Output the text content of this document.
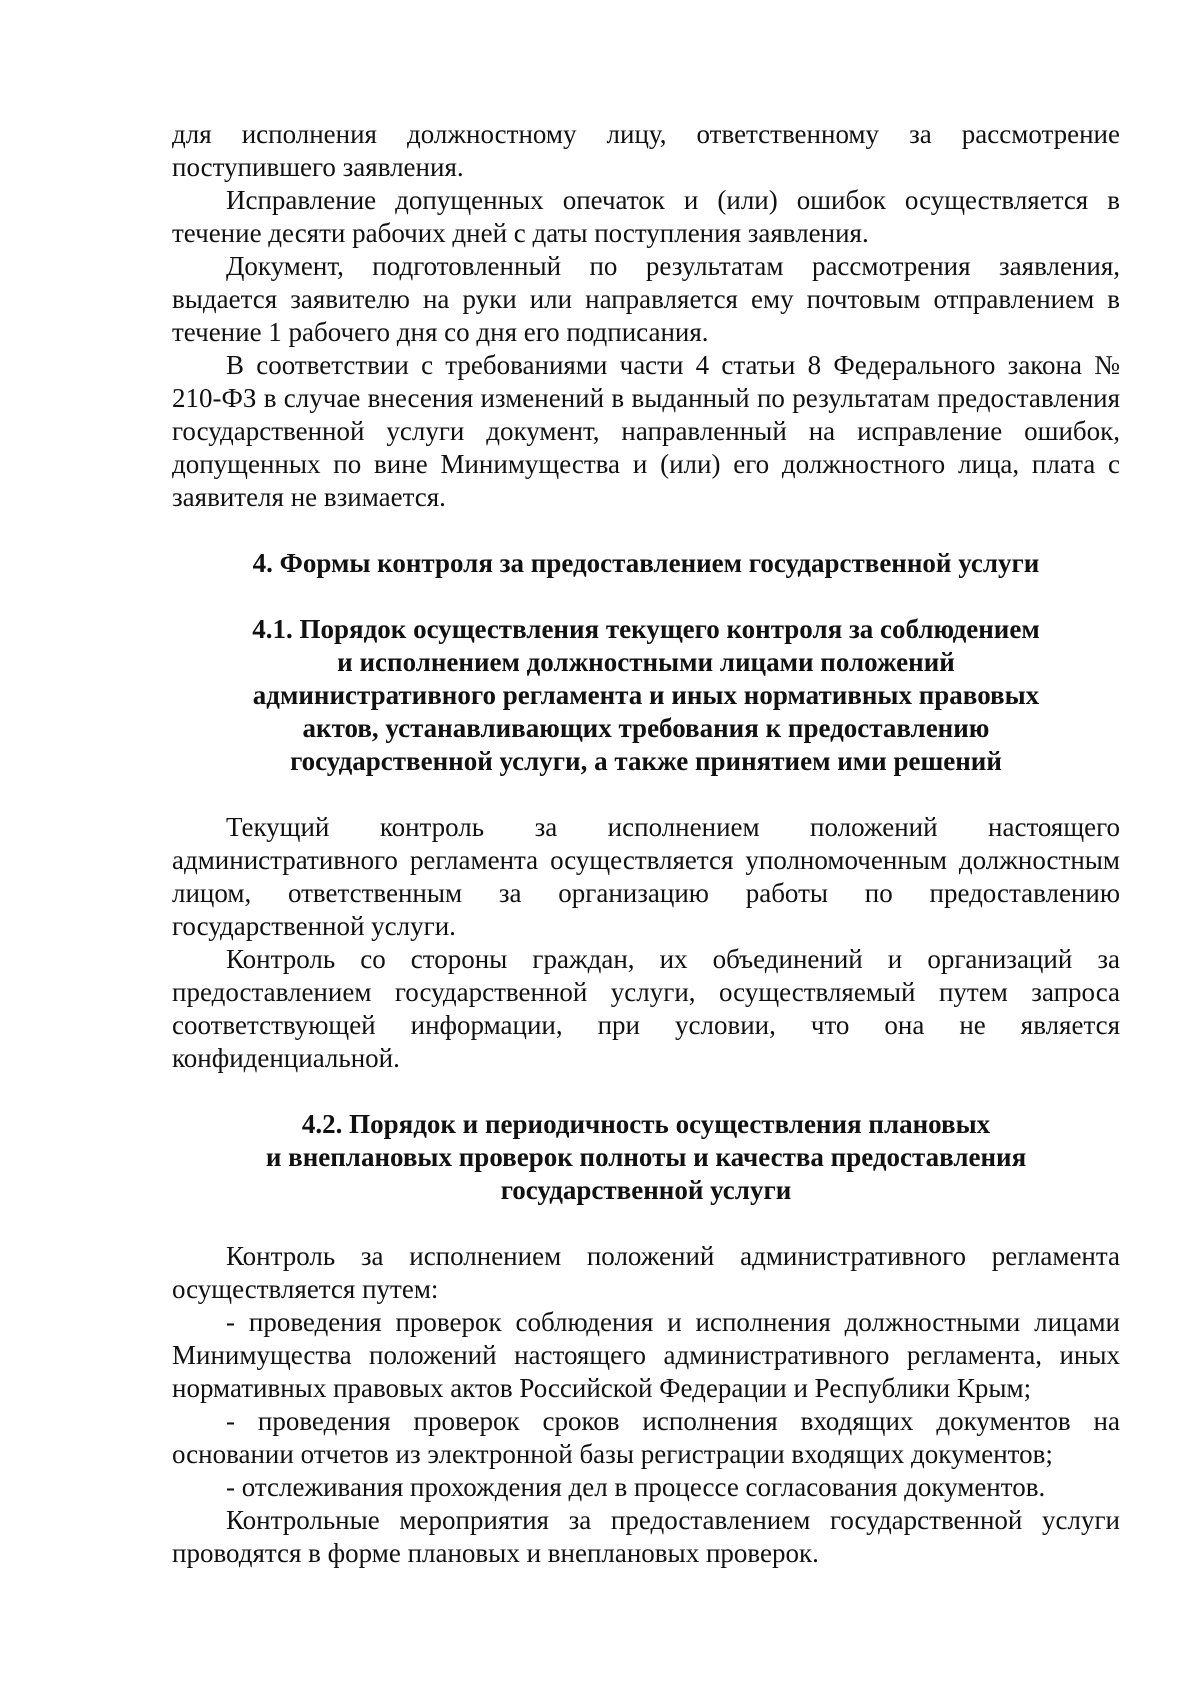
для исполнения должностному лицу, ответственному за рассмотрение поступившего заявления.

Исправление допущенных опечаток и (или) ошибок осуществляется в течение десяти рабочих дней с даты поступления заявления.

Документ, подготовленный по результатам рассмотрения заявления, выдается заявителю на руки или направляется ему почтовым отправлением в течение 1 рабочего дня со дня его подписания.

В соответствии с требованиями части 4 статьи 8 Федерального закона № 210-ФЗ в случае внесения изменений в выданный по результатам предоставления государственной услуги документ, направленный на исправление ошибок, допущенных по вине Минимущества и (или) его должностного лица, плата с заявителя не взимается.

4. Формы контроля за предоставлением государственной услуги
4.1. Порядок осуществления текущего контроля за соблюдением
и исполнением должностными лицами положений
административного регламента и иных нормативных правовых
актов, устанавливающих требования к предоставлению
государственной услуги, а также принятием ими решений

Текущий контроль за исполнением положений настоящего административного регламента осуществляется уполномоченным должностным лицом, ответственным за организацию работы по предоставлению государственной услуги.

Контроль со стороны граждан, их объединений и организаций за предоставлением государственной услуги, осуществляемый путем запроса соответствующей информации, при условии, что она не является конфиденциальной.

4.2. Порядок и периодичность осуществления плановых
и внеплановых проверок полноты и качества предоставления
государственной услуги

Контроль за исполнением положений административного регламента осуществляется путем:

- проведения проверок соблюдения и исполнения должностными лицами Минимущества положений настоящего административного регламента, иных нормативных правовых актов Российской Федерации и Республики Крым;

- проведения проверок сроков исполнения входящих документов на основании отчетов из электронной базы регистрации входящих документов;

- отслеживания прохождения дел в процессе согласования документов.

Контрольные мероприятия за предоставлением государственной услуги проводятся в форме плановых и внеплановых проверок.
